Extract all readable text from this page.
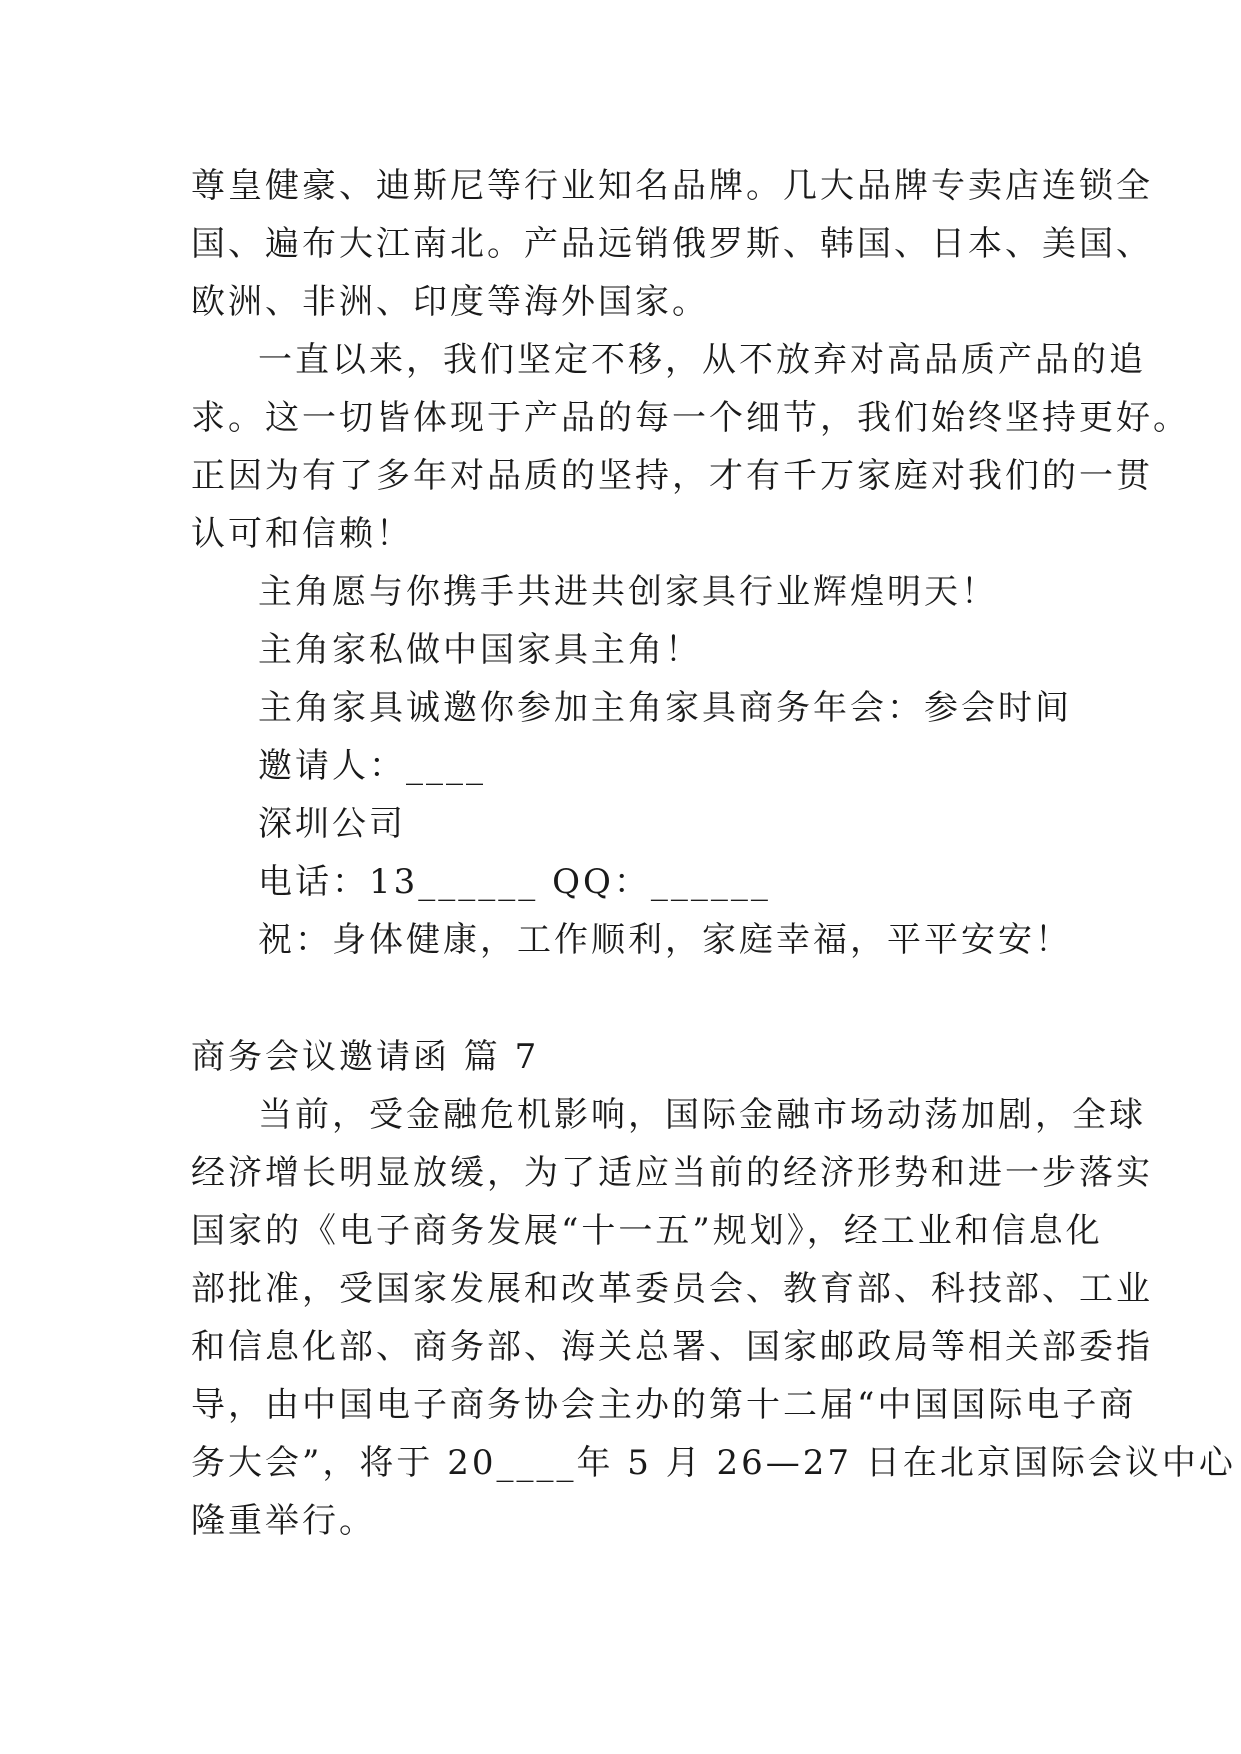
尊皇健豪、迪斯尼等行业知名品牌。几大品牌专卖店连锁全
国、遍布大江南北。产品远销俄罗斯、韩国、日本、美国、
欧洲、非洲、印度等海外国家。
一直以来，我们坚定不移，从不放弃对高品质产品的追
求。这一切皆体现于产品的每一个细节，我们始终坚持更好。
正因为有了多年对品质的坚持，才有千万家庭对我们的一贯
认可和信赖！
主角愿与你携手共进共创家具行业辉煌明天！
主角家私做中国家具主角！
主角家具诚邀你参加主角家具商务年会：参会时间
邀请人：____
深圳公司
电话：13______ QQ：______
祝：身体健康，工作顺利，家庭幸福，平平安安！
商务会议邀请函 篇 7
当前，受金融危机影响，国际金融市场动荡加剧，全球
经济增长明显放缓，为了适应当前的经济形势和进一步落实
国家的《电子商务发展“十一五”规划》，经工业和信息化
部批准，受国家发展和改革委员会、教育部、科技部、工业
和信息化部、商务部、海关总署、国家邮政局等相关部委指
导，由中国电子商务协会主办的第十二届“中国国际电子商
务大会”，将于 20____年 5 月 26—27 日在北京国际会议中心
隆重举行。
